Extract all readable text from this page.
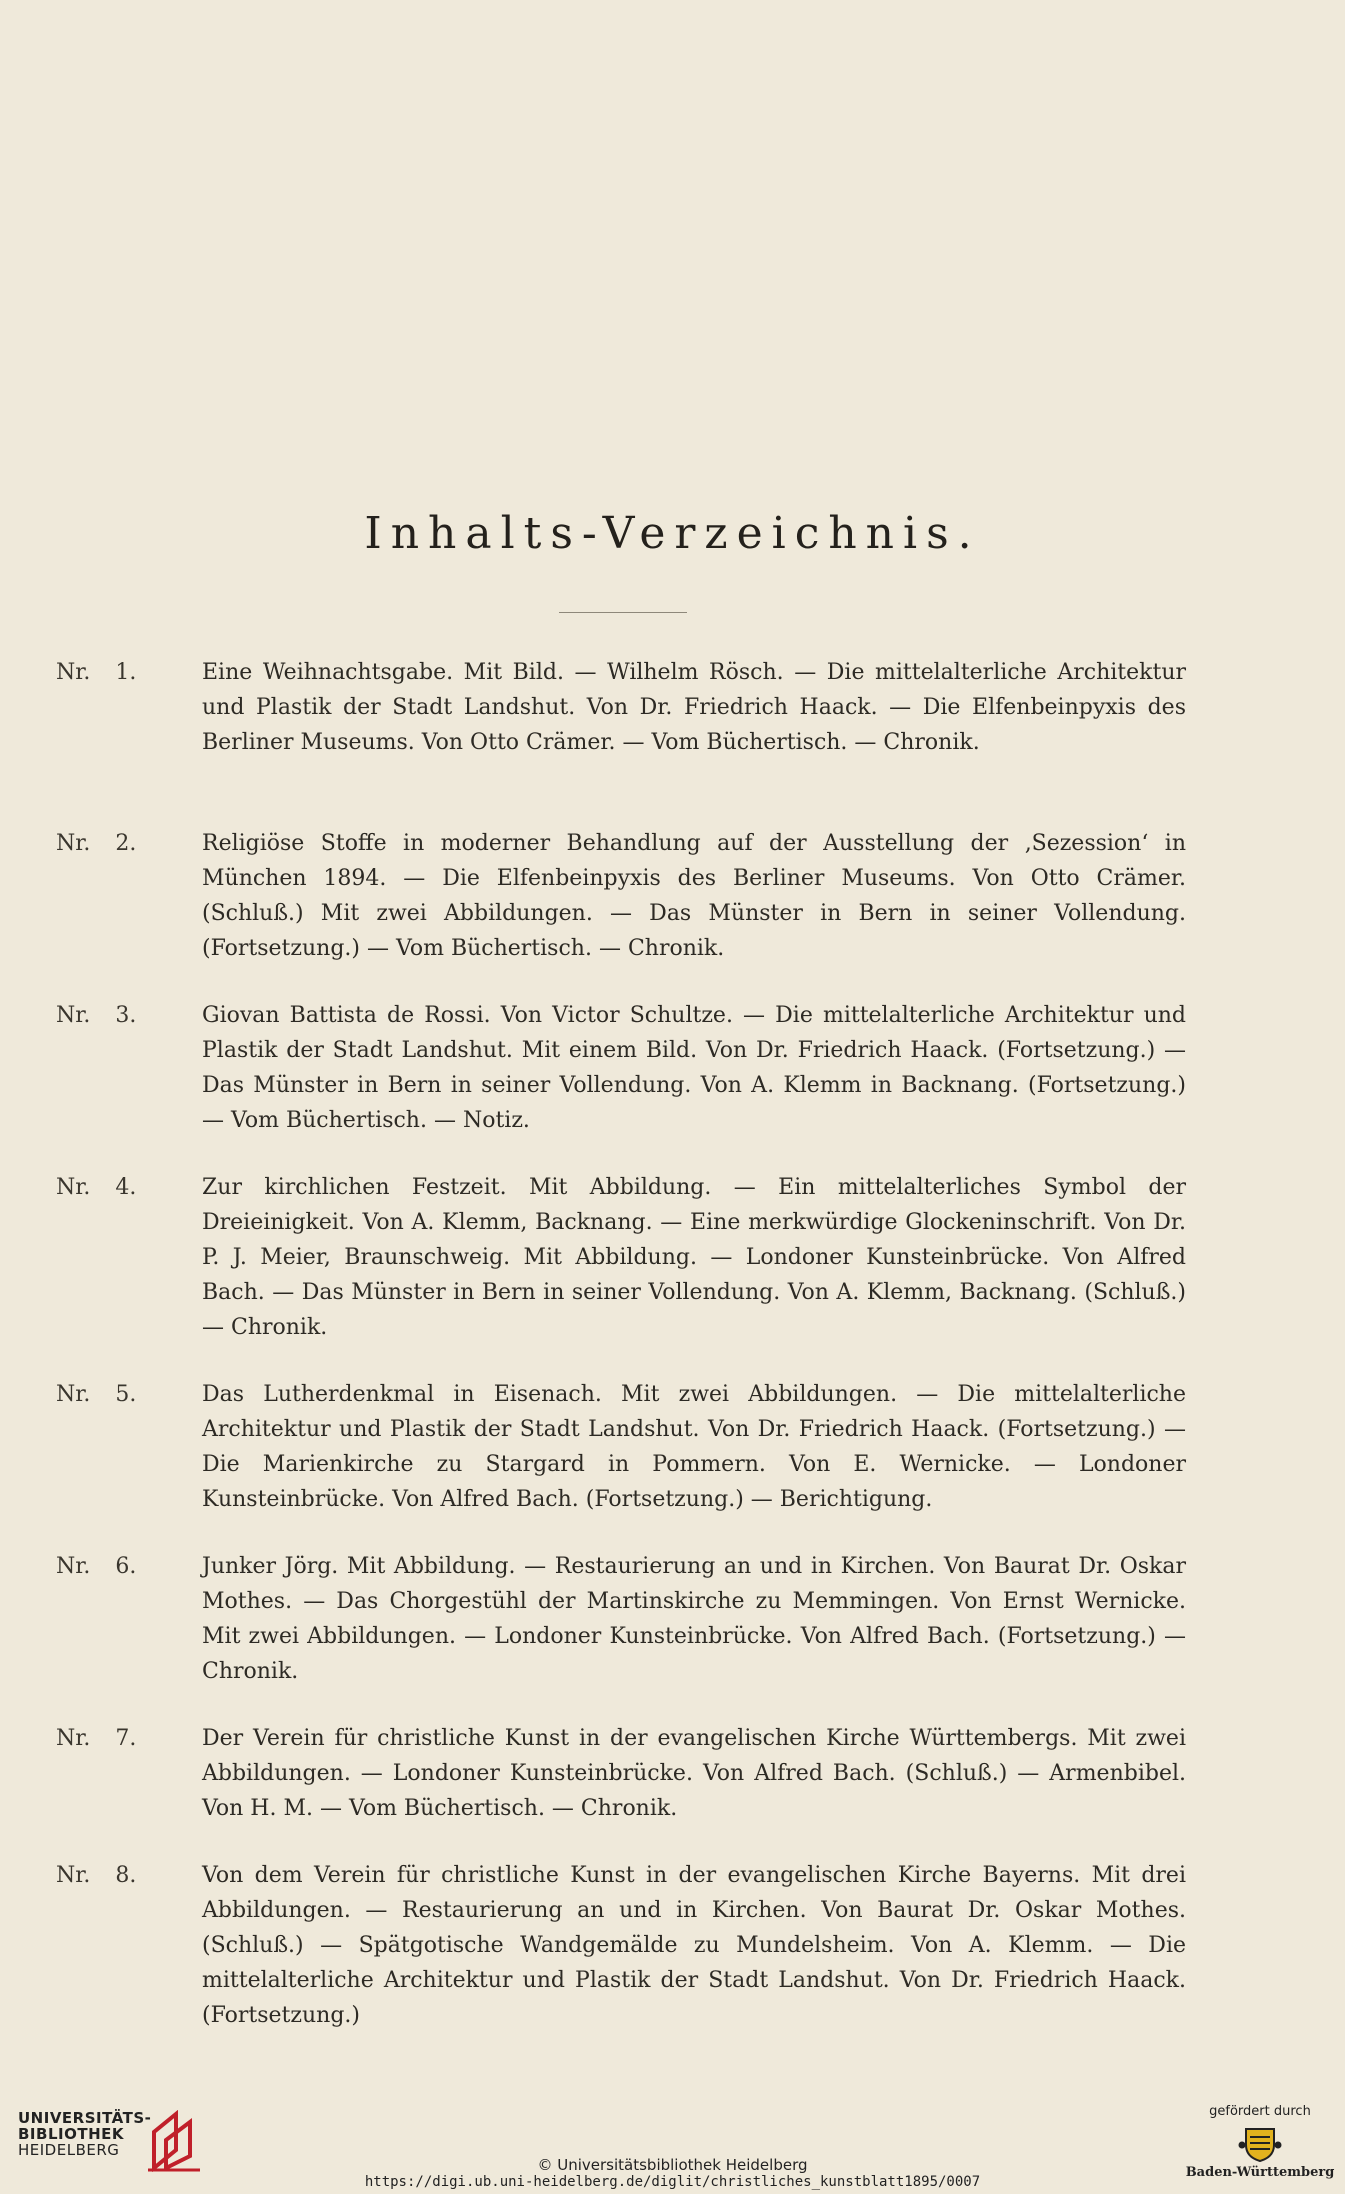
Inhalts-Verzeichnis.
Nr. 1.	Eine Weihnachtsgabe. Mit Bild. — Wilhelm Rösch. — Die mittelalterliche Architektur und Plastik der Stadt Landshut. Von Dr. Friedrich Haack. — Die Elfenbeinpyxis des Berliner Museums. Von Otto Crämer. — Vom Büchertisch. — Chronik.
Nr. 2.	Religiöse Stoffe in moderner Behandlung auf der Ausstellung der ‚Sezession‘ in München 1894. — Die Elfenbeinpyxis des Berliner Museums. Von Otto Crämer. (Schluß.) Mit zwei Abbildungen. — Das Münster in Bern in seiner Vollendung. (Fortsetzung.) — Vom Büchertisch. — Chronik.
Nr. 3.	Giovan Battista de Rossi. Von Victor Schultze. — Die mittelalterliche Architektur und Plastik der Stadt Landshut. Mit einem Bild. Von Dr. Friedrich Haack. (Fortsetzung.) — Das Münster in Bern in seiner Vollendung. Von A. Klemm in Backnang. (Fortsetzung.) — Vom Büchertisch. — Notiz.
Nr. 4.	Zur kirchlichen Festzeit. Mit Abbildung. — Ein mittelalterliches Symbol der Dreieinigkeit. Von A. Klemm, Backnang. — Eine merkwürdige Glockeninschrift. Von Dr. P. J. Meier, Braunschweig. Mit Abbildung. — Londoner Kunsteinbrücke. Von Alfred Bach. — Das Münster in Bern in seiner Vollendung. Von A. Klemm, Backnang. (Schluß.) — Chronik.
Nr. 5.	Das Lutherdenkmal in Eisenach. Mit zwei Abbildungen. — Die mittelalterliche Architektur und Plastik der Stadt Landshut. Von Dr. Friedrich Haack. (Fortsetzung.) — Die Marienkirche zu Stargard in Pommern. Von E. Wernicke. — Londoner Kunsteinbrücke. Von Alfred Bach. (Fortsetzung.) — Berichtigung.
Nr. 6.	Junker Jörg. Mit Abbildung. — Restaurierung an und in Kirchen. Von Baurat Dr. Oskar Mothes. — Das Chorgestühl der Martinskirche zu Memmingen. Von Ernst Wernicke. Mit zwei Abbildungen. — Londoner Kunsteinbrücke. Von Alfred Bach. (Fortsetzung.) — Chronik.
Nr. 7.	Der Verein für christliche Kunst in der evangelischen Kirche Württembergs. Mit zwei Abbildungen. — Londoner Kunsteinbrücke. Von Alfred Bach. (Schluß.) — Armenbibel. Von H. M. — Vom Büchertisch. — Chronik.
Nr. 8.	Von dem Verein für christliche Kunst in der evangelischen Kirche Bayerns. Mit drei Abbildungen. — Restaurierung an und in Kirchen. Von Baurat Dr. Oskar Mothes. (Schluß.) — Spätgotische Wandgemälde zu Mundelsheim. Von A. Klemm. — Die mittelalterliche Architektur und Plastik der Stadt Landshut. Von Dr. Friedrich Haack. (Fortsetzung.)
UNIVERSITÄTS-
BIBLIOTHEK
HEIDELBERG
© Universitätsbibliothek Heidelberg
https://digi.ub.uni-heidelberg.de/diglit/christliches_kunstblatt1895/0007
gefördert durch
Baden-Württemberg
